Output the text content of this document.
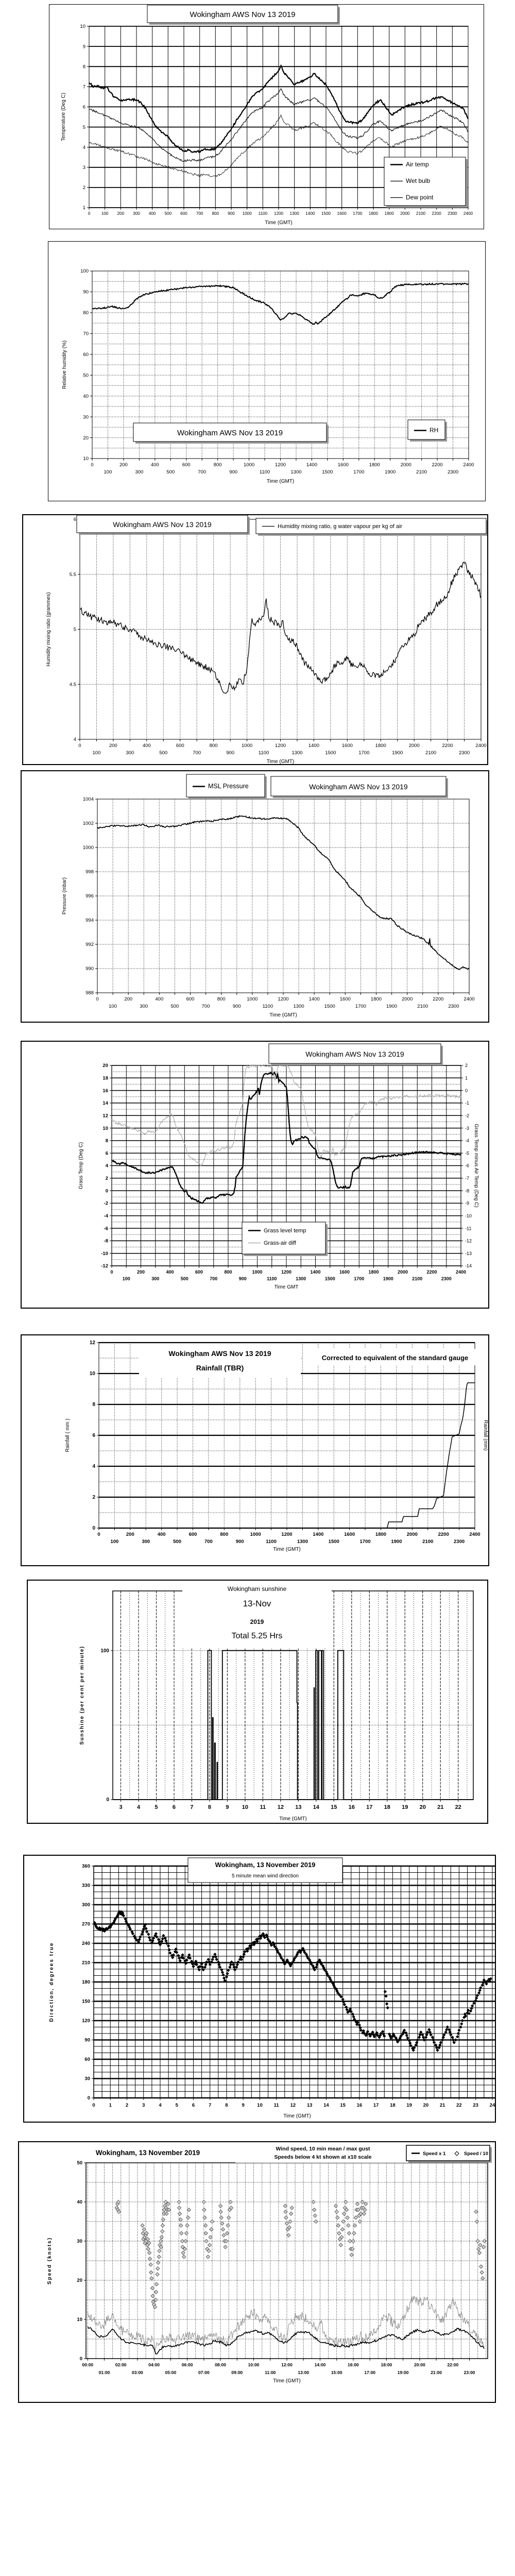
0	100 200 300 400 500 600 700 800 900 1000 1100 1200 1300 1400 1500 1600 1700 1800 1900 2000 2100 2200 2300 2400
1
2
3
4
5
6
7
8
9
10
Time (GMT)
Temperature (Deg C)
Wokingham AWS Nov 13 2019
Air temp
Wet bulb
Dew point
0
100
200
300
400
500
600
700
800
900
1000
1100
1200
1300
1400
1500
1600
1700
1800
1900
2000
2100
2200
2300
2400
10
20
30
40
50
60
70
80
90
100
Time (GMT)
Relative humidity (%)
Wokingham AWS Nov 13 2019	RH
0
100
200
300
400
500
600
700
800
900
1000
1100
1200
1300
1400
1500
1600
1700
1800
1900
2000
2100
2200
2300
2400
4
4.5
5
5.5
6
Time (GMT)
Humidity mixing ratio (grammes)
Wokingham AWS Nov 13 2019	Humidity mixing ratio, g water vapour per kg of air
0
100
200
300
400
500
600
700
800
900
1000
1100
1200
1300
1400
1500
1600
1700
1800
1900
2000
2100
2200
2300
2400
988
990
992
994
996
998
1000
1002
1004
Time (GMT)
Pressure (mbar)
MSL Pressure	Wokingham AWS Nov 13 2019
0
100
200
300
400
500
600
700
800
900
1000
1100
1200
1300
1400
1500
1600
1700
1800
1900
2000
2100
2200
2300
2400
-12
-10
-8
-6
-4
-2
0
2
4
6
8
10
12
14
16
18
20
-14
-13
-12
-11
-10
-9
-8
-7
-6
-5
-4
-3
-2
-1
0
1
2
Grass Temp minus Air Temp (Deg C)
Time GMT
Grass Temp (Deg C)
Wokingham AWS Nov 13 2019
Grass level temp
Grass-air diff
0
100
200
300
400
500
600
700
800
900
1000
1100
1200
1300
1400
1500
1600
1700
1800
1900
2000
2100
2200
2300
2400
0
2
4
6
8
10
12
Rainfall (mm)
Time (GMT)
Rainfall ( mm )
Wokingham AWS Nov 13 2019
Rainfall (TBR)
Corrected to equivalent of the standard gauge
3	4	5	6	7	8	9 10 11 12 13 14 15 16 17 18 19 20 21 22
0
100
Time (GMT)
Sunshine (per cent per minute)
Wokingham sunshine
13-Nov
2019
Total 5.25 Hrs
0	1	2	3	4	5	6	7	8	9	10 11 12 13 14 15 16 17 18 19 20 21 22 23 24
0
30
60
90
120
150
180
210
240
270
300
330
360
Time (GMT)
Direction, degrees true
Wokingham, 13 November 2019
5 minute mean wind direction
00:00
01:00
02:00
03:00
04:00
05:00
06:00
07:00
08:00
09:00
10:00
11:00
12:00
13:00
14:00
15:00
16:00
17:00
18:00
19:00
20:00
21:00
22:00
23:00
0
10
20
30
40
50
Time (GMT)
Speed (knots)
Wokingham, 13 November 2019	Wind speed, 10 min mean / max gust
Speeds below 4 kt shown at x10 scale
Speed x 1	Speed / 10
